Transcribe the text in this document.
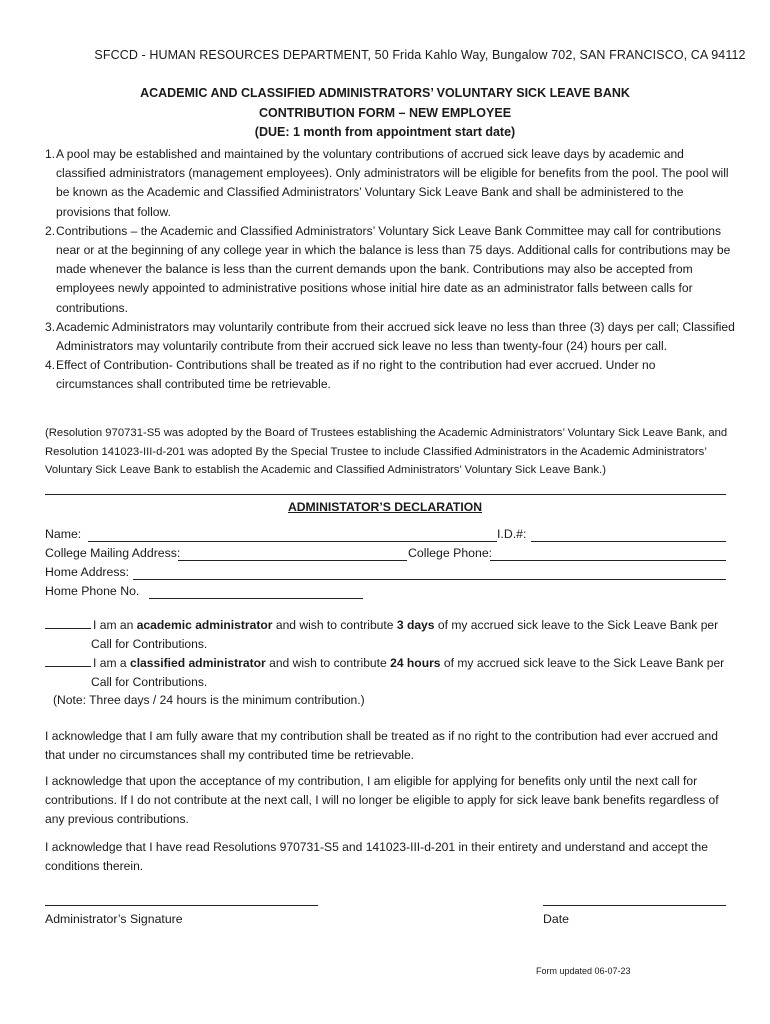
SFCCD - HUMAN RESOURCES DEPARTMENT, 50 Frida Kahlo Way, Bungalow 702, SAN FRANCISCO, CA 94112
ACADEMIC AND CLASSIFIED ADMINISTRATORS’ VOLUNTARY SICK LEAVE BANK
CONTRIBUTION FORM – NEW EMPLOYEE
(DUE: 1 month from appointment start date)
1. A pool may be established and maintained by the voluntary contributions of accrued sick leave days by academic and classified administrators (management employees). Only administrators will be eligible for benefits from the pool. The pool will be known as the Academic and Classified Administrators’ Voluntary Sick Leave Bank and shall be administered to the provisions that follow.
2. Contributions – the Academic and Classified Administrators’ Voluntary Sick Leave Bank Committee may call for contributions near or at the beginning of any college year in which the balance is less than 75 days. Additional calls for contributions may be made whenever the balance is less than the current demands upon the bank. Contributions may also be accepted from employees newly appointed to administrative positions whose initial hire date as an administrator falls between calls for contributions.
3. Academic Administrators may voluntarily contribute from their accrued sick leave no less than three (3) days per call; Classified Administrators may voluntarily contribute from their accrued sick leave no less than twenty-four (24) hours per call.
4. Effect of Contribution- Contributions shall be treated as if no right to the contribution had ever accrued. Under no circumstances shall contributed time be retrievable.
(Resolution 970731-S5 was adopted by the Board of Trustees establishing the Academic Administrators’ Voluntary Sick Leave Bank, and Resolution 141023-III-d-201 was adopted By the Special Trustee to include Classified Administrators in the Academic Administrators’ Voluntary Sick Leave Bank to establish the Academic and Classified Administrators’ Voluntary Sick Leave Bank.)
ADMINISTATOR’S DECLARATION
Name:	I.D.#:
College Mailing Address:	College Phone:
Home Address:
Home Phone No.
I am an academic administrator and wish to contribute 3 days of my accrued sick leave to the Sick Leave Bank per
Call for Contributions.
I am a classified administrator and wish to contribute 24 hours of my accrued sick leave to the Sick Leave Bank per
Call for Contributions.
(Note: Three days / 24 hours is the minimum contribution.)
I acknowledge that I am fully aware that my contribution shall be treated as if no right to the contribution had ever accrued and that under no circumstances shall my contributed time be retrievable.
I acknowledge that upon the acceptance of my contribution, I am eligible for applying for benefits only until the next call for contributions. If I do not contribute at the next call, I will no longer be eligible to apply for sick leave bank benefits regardless of any previous contributions.
I acknowledge that I have read Resolutions 970731-S5 and 141023-III-d-201 in their entirety and understand and accept the conditions therein.
Administrator’s Signature	Date
Form updated 06-07-23
